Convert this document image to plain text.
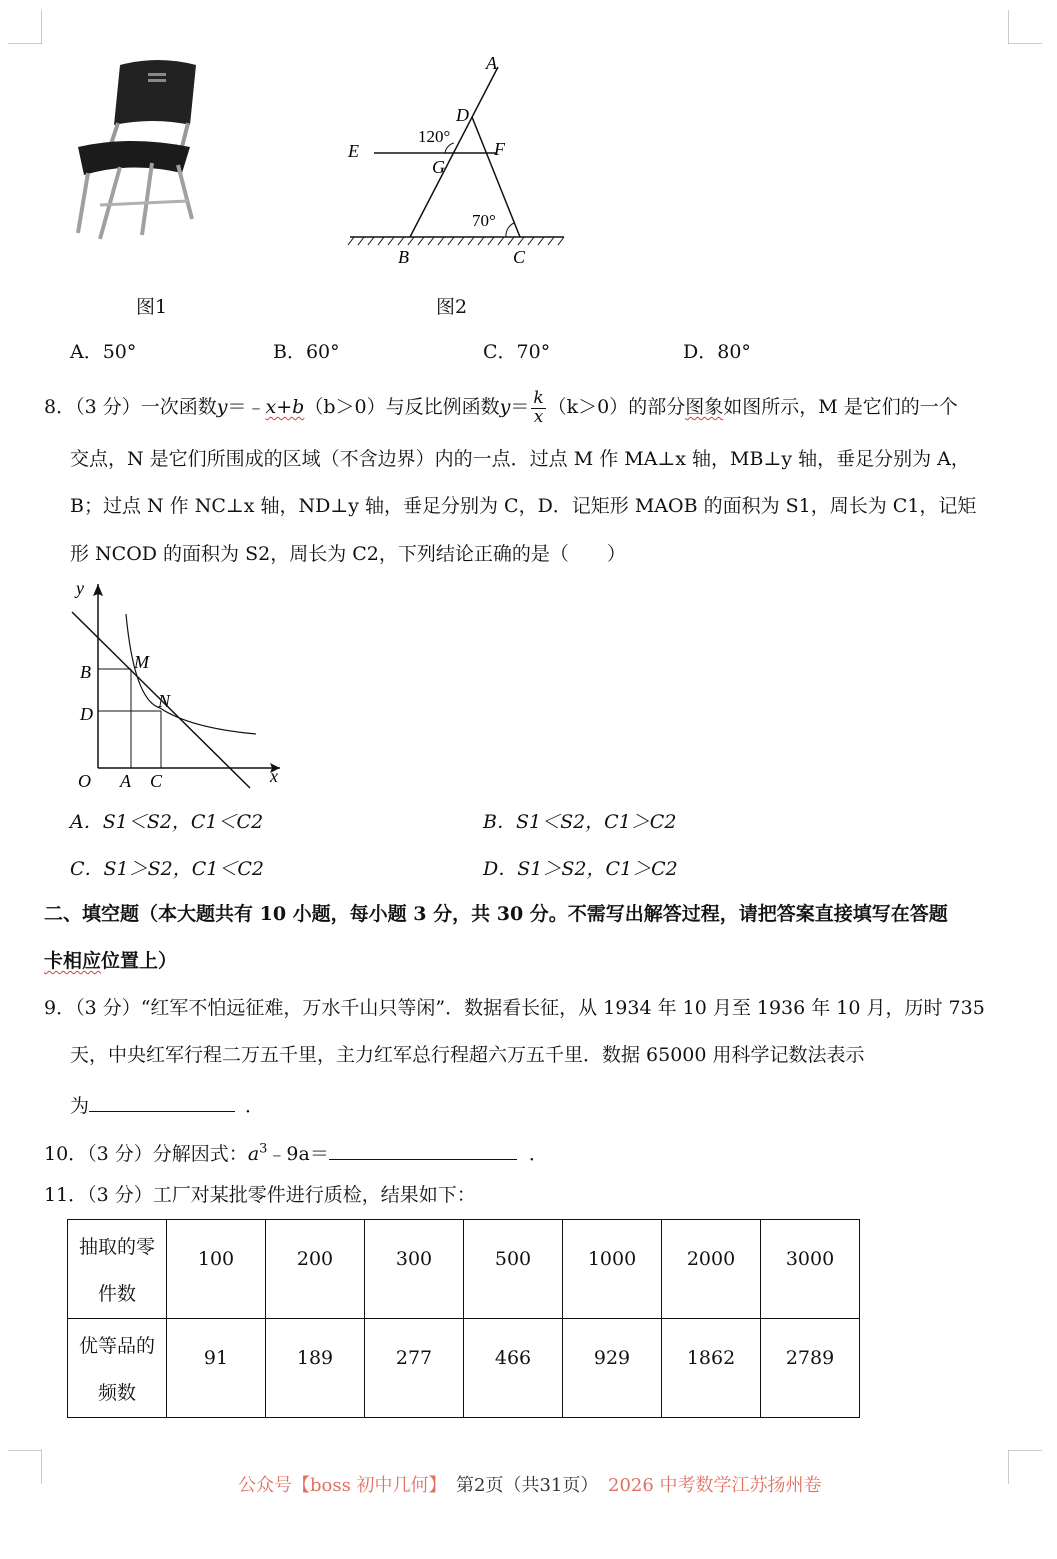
图1
A
D
E	F
G
120°
70°
B	C
图2
A．50°	B．60°	C．70°	D．80°
8．（3 分）一次函数y＝﹣x+b（b＞0）与反比例函数$y= \frac{k}{x} (k>0)$的部分图象如图所示，M 是它们的一个
交点，N 是它们所围成的区域（不含边界）内的一点．过点 M 作 MA⊥x 轴，MB⊥y 轴，垂足分别为 A，
B；过点 N 作 NC⊥x 轴，ND⊥y 轴，垂足分别为 C，D．记矩形 MAOB 的面积为 S1，周长为 C1，记矩
形 NCOD 的面积为 S2，周长为 C2，下列结论正确的是（　　）
y
x
O A C
B
D
M
N
A．S1＜S2，C1＜C2	B．S1＜S2，C1＞C2
C．S1＞S2，C1＜C2	D．S1＞S2，C1＞C2
二、填空题（本大题共有 10 小题，每小题 3 分，共 30 分。不需写出解答过程，请把答案直接填写在答题
卡相应位置上）
9．（3 分）“红军不怕远征难，万水千山只等闲”．数据看长征，从 1934 年 10 月至 1936 年 10 月，历时 735
天，中央红军行程二万五千里，主力红军总行程超六万五千里．数据 65000 用科学记数法表示
为	．
10．（3 分）分解因式：$a^3﹣9a=$	．
11．（3 分）工厂对某批零件进行质检，结果如下：
抽取的零
件数	100	200	300	500	1000	2000	3000

优等品的
频数	91	189	277	466	929	1862	2789
公众号【boss 初中几何】 第2页（共31页） 2026 中考数学江苏扬州卷
